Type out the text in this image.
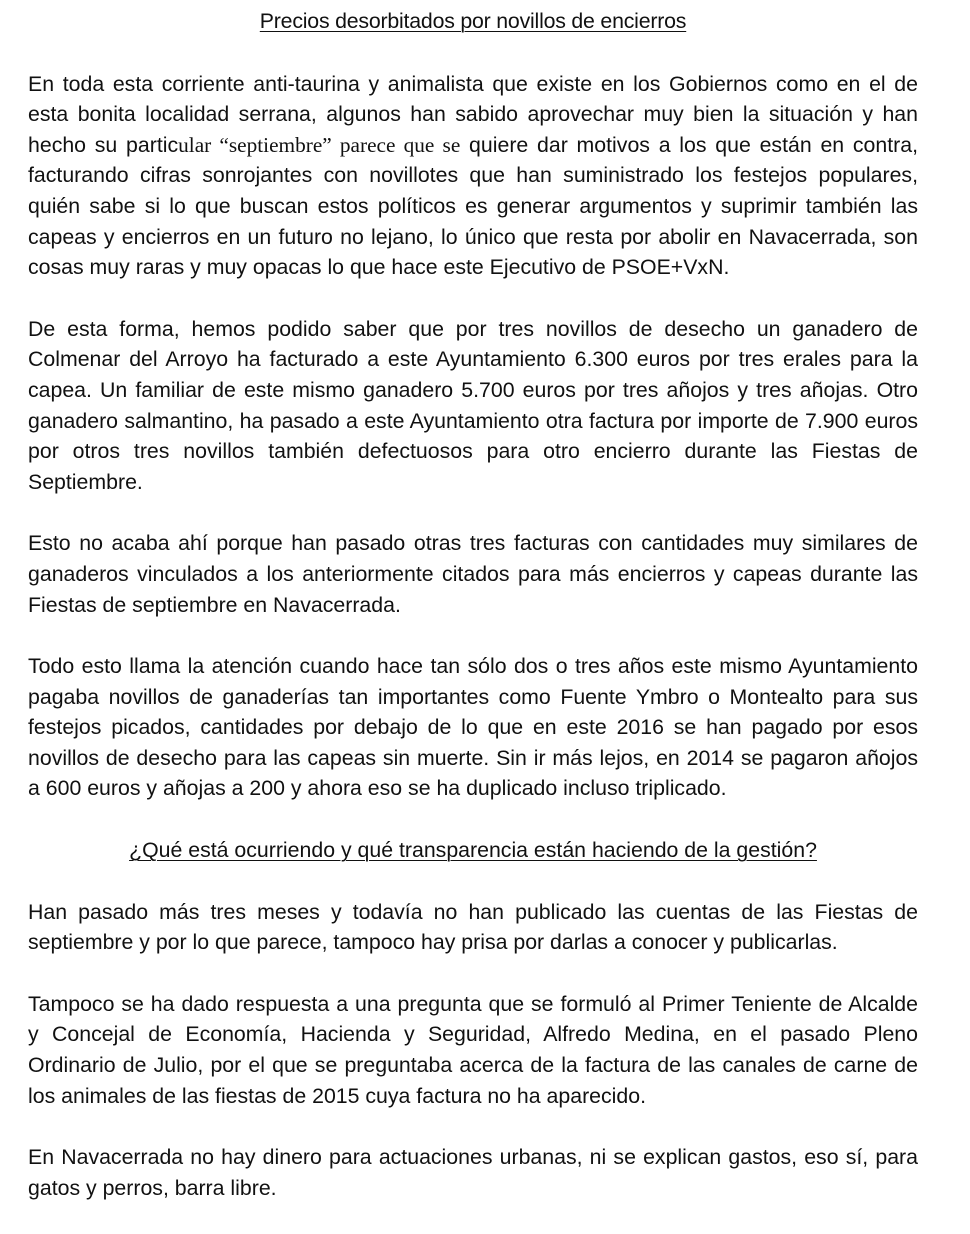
Precios desorbitados por novillos de encierros

En toda esta corriente anti-taurina y animalista que existe en los Gobiernos como en el de esta bonita localidad serrana, algunos han sabido aprovechar muy bien la situación y han hecho su particular “septiembre” parece que se quiere dar motivos a los que están en contra, facturando cifras sonrojantes con novillotes que han suministrado los festejos populares, quién sabe si lo que buscan estos políticos es generar argumentos y suprimir también las capeas y encierros en un futuro no lejano, lo único que resta por abolir en Navacerrada, son cosas muy raras y muy opacas lo que hace este Ejecutivo de PSOE+VxN.

De esta forma, hemos podido saber que por tres novillos de desecho un ganadero de Colmenar del Arroyo ha facturado a este Ayuntamiento 6.300 euros por tres erales para la capea. Un familiar de este mismo ganadero 5.700 euros por tres añojos y tres añojas. Otro ganadero salmantino, ha pasado a este Ayuntamiento otra factura por importe de 7.900 euros por otros tres novillos también defectuosos para otro encierro durante las Fiestas de Septiembre.

Esto no acaba ahí porque han pasado otras tres facturas con cantidades muy similares de ganaderos vinculados a los anteriormente citados para más encierros y capeas durante las Fiestas de septiembre en Navacerrada.

Todo esto llama la atención cuando hace tan sólo dos o tres años este mismo Ayuntamiento pagaba novillos de ganaderías tan importantes como Fuente Ymbro o Montealto para sus festejos picados, cantidades por debajo de lo que en este 2016 se han pagado por esos novillos de desecho para las capeas sin muerte. Sin ir más lejos, en 2014 se pagaron añojos a 600 euros y añojas a 200 y ahora eso se ha duplicado incluso triplicado.

¿Qué está ocurriendo y qué transparencia están haciendo de la gestión?

Han pasado más tres meses y todavía no han publicado las cuentas de las Fiestas de septiembre y por lo que parece, tampoco hay prisa por darlas a conocer y publicarlas.

Tampoco se ha dado respuesta a una pregunta que se formuló al Primer Teniente de Alcalde y Concejal de Economía, Hacienda y Seguridad, Alfredo Medina, en el pasado Pleno Ordinario de Julio, por el que se preguntaba acerca de la factura de las canales de carne de los animales de las fiestas de 2015 cuya factura no ha aparecido.

En Navacerrada no hay dinero para actuaciones urbanas, ni se explican gastos, eso sí, para gatos y perros, barra libre.
